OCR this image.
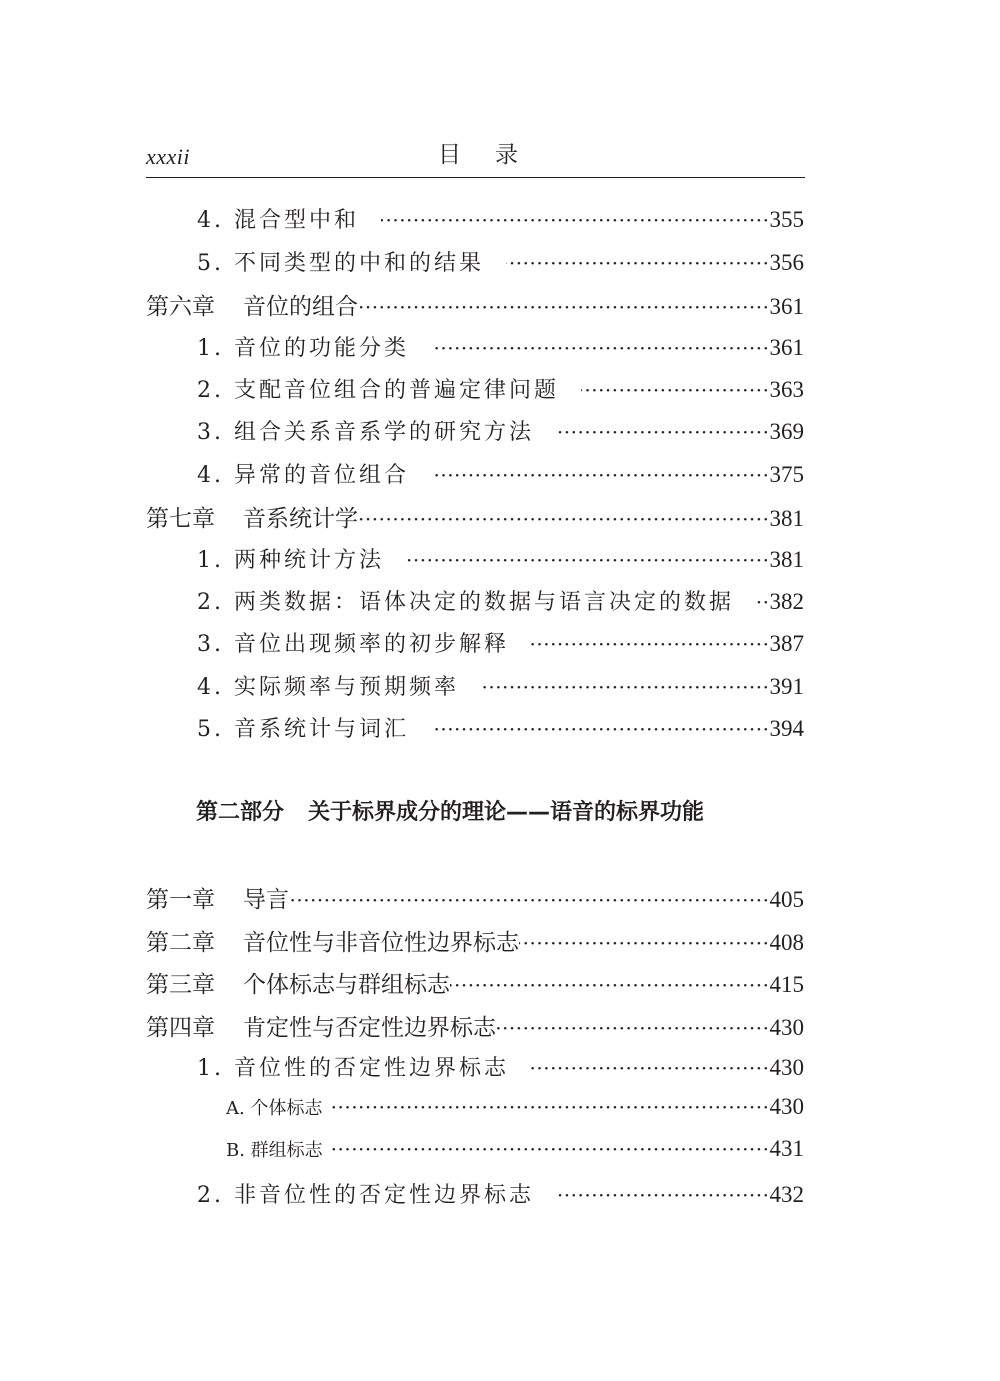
xxxii	目录
4. 混合型中和 ·····	355
5. 不同类型的中和的结果 ·····	356
第六章 音位的组合 ·····	361
1. 音位的功能分类 ·····	361
2. 支配音位组合的普遍定律问题 ·····	363
3. 组合关系音系学的研究方法 ·····	369
4. 异常的音位组合 ·····	375
第七章 音系统计学 ·····	381
1. 两种统计方法 ·····	381
2. 两类数据：语体决定的数据与语言决定的数据 ····· 382
3. 音位出现频率的初步解释 ·····	387
4. 实际频率与预期频率 ·····	391
5. 音系统计与词汇 ·····	394
第二部分 关于标界成分的理论——语音的标界功能
第一章 导言 ·····	405
第二章 音位性与非音位性边界标志 ·····	408
第三章 个体标志与群组标志 ·····	415
第四章 肯定性与否定性边界标志 ·····	430
1. 音位性的否定性边界标志 ·····	430
A. 个体标志 ·····	430
B. 群组标志 ·····	431
2. 非音位性的否定性边界标志 ·····	432
